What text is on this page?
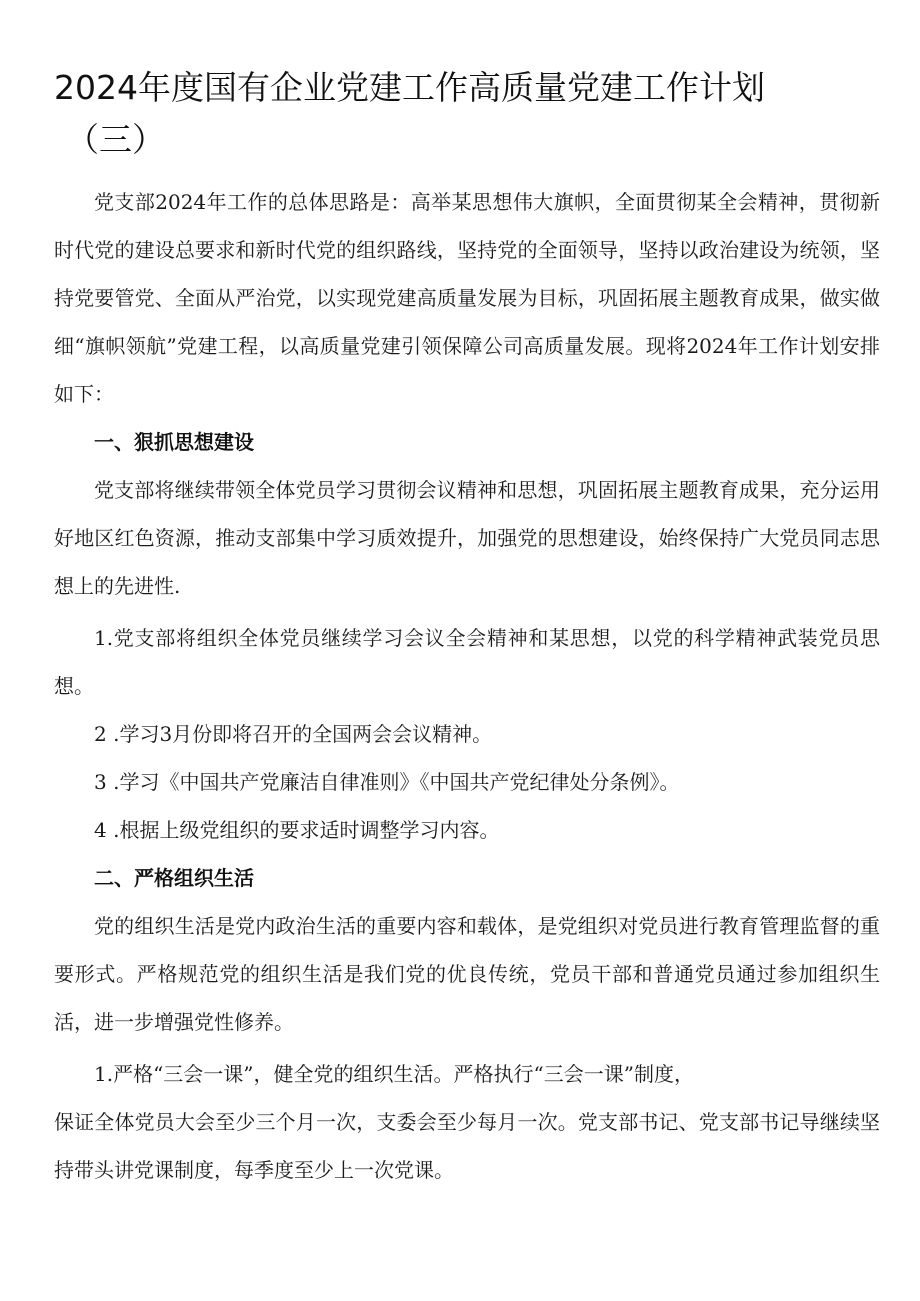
2024年度国有企业党建工作高质量党建工作计划
（三）

党支部2024年工作的总体思路是：高举某思想伟大旗帜，全面贯彻某全会精神，贯彻新时代党的建设总要求和新时代党的组织路线，坚持党的全面领导，坚持以政治建设为统领，坚持党要管党、全面从严治党，以实现党建高质量发展为目标，巩固拓展主题教育成果，做实做细“旗帜领航”党建工程，以高质量党建引领保障公司高质量发展。现将2024年工作计划安排如下：

一、狠抓思想建设

党支部将继续带领全体党员学习贯彻会议精神和思想，巩固拓展主题教育成果，充分运用好地区红色资源，推动支部集中学习质效提升，加强党的思想建设，始终保持广大党员同志思想上的先进性.

1.党支部将组织全体党员继续学习会议全会精神和某思想，以党的科学精神武装党员思想。

2 .学习3月份即将召开的全国两会会议精神。

3 .学习《中国共产党廉洁自律准则》《中国共产党纪律处分条例》。

4 .根据上级党组织的要求适时调整学习内容。

二、严格组织生活

党的组织生活是党内政治生活的重要内容和载体，是党组织对党员进行教育管理监督的重要形式。严格规范党的组织生活是我们党的优良传统，党员干部和普通党员通过参加组织生活，进一步增强党性修养。

1.严格“三会一课”，健全党的组织生活。严格执行“三会一课”制度，

保证全体党员大会至少三个月一次，支委会至少每月一次。党支部书记、党支部书记导继续坚持带头讲党课制度，每季度至少上一次党课。
